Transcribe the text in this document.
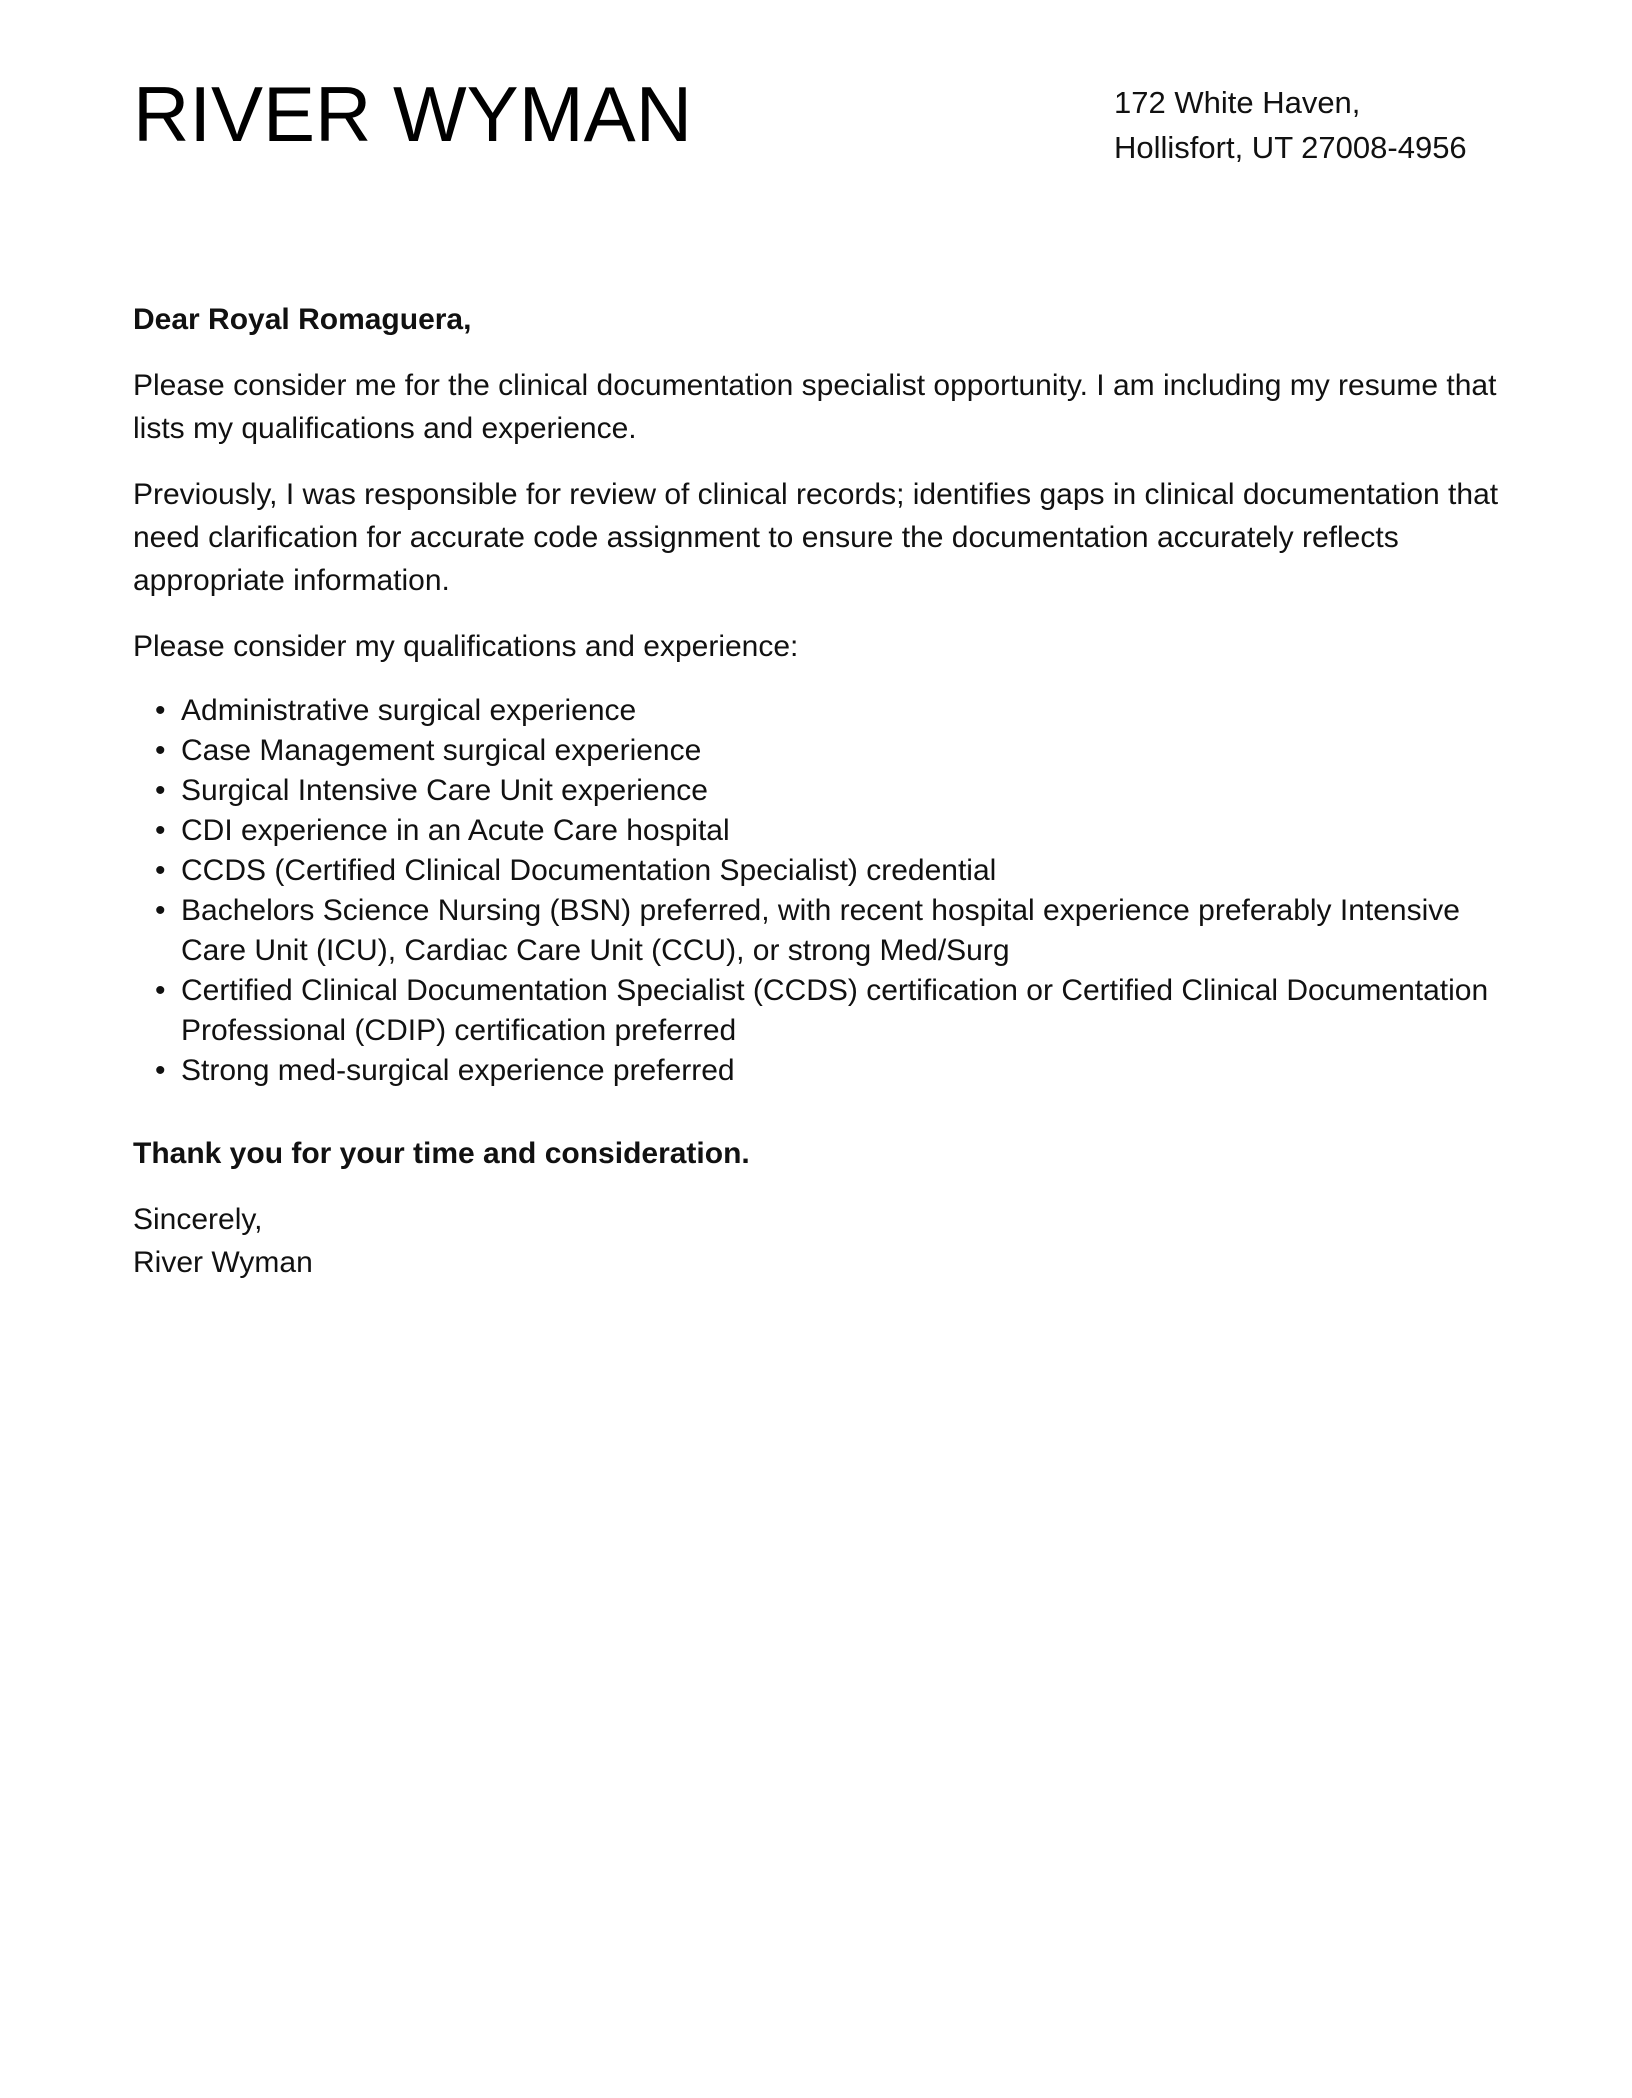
RIVER WYMAN	172 White Haven,
Hollisfort, UT 27008-4956

Dear Royal Romaguera,

Please consider me for the clinical documentation specialist opportunity. I am including my resume that lists my qualifications and experience.

Previously, I was responsible for review of clinical records; identifies gaps in clinical documentation that need clarification for accurate code assignment to ensure the documentation accurately reflects appropriate information.

Please consider my qualifications and experience:

• Administrative surgical experience
• Case Management surgical experience
• Surgical Intensive Care Unit experience
• CDI experience in an Acute Care hospital
• CCDS (Certified Clinical Documentation Specialist) credential
• Bachelors Science Nursing (BSN) preferred, with recent hospital experience preferably Intensive Care Unit (ICU), Cardiac Care Unit (CCU), or strong Med/Surg
• Certified Clinical Documentation Specialist (CCDS) certification or Certified Clinical Documentation Professional (CDIP) certification preferred
• Strong med-surgical experience preferred

Thank you for your time and consideration.

Sincerely,
River Wyman
